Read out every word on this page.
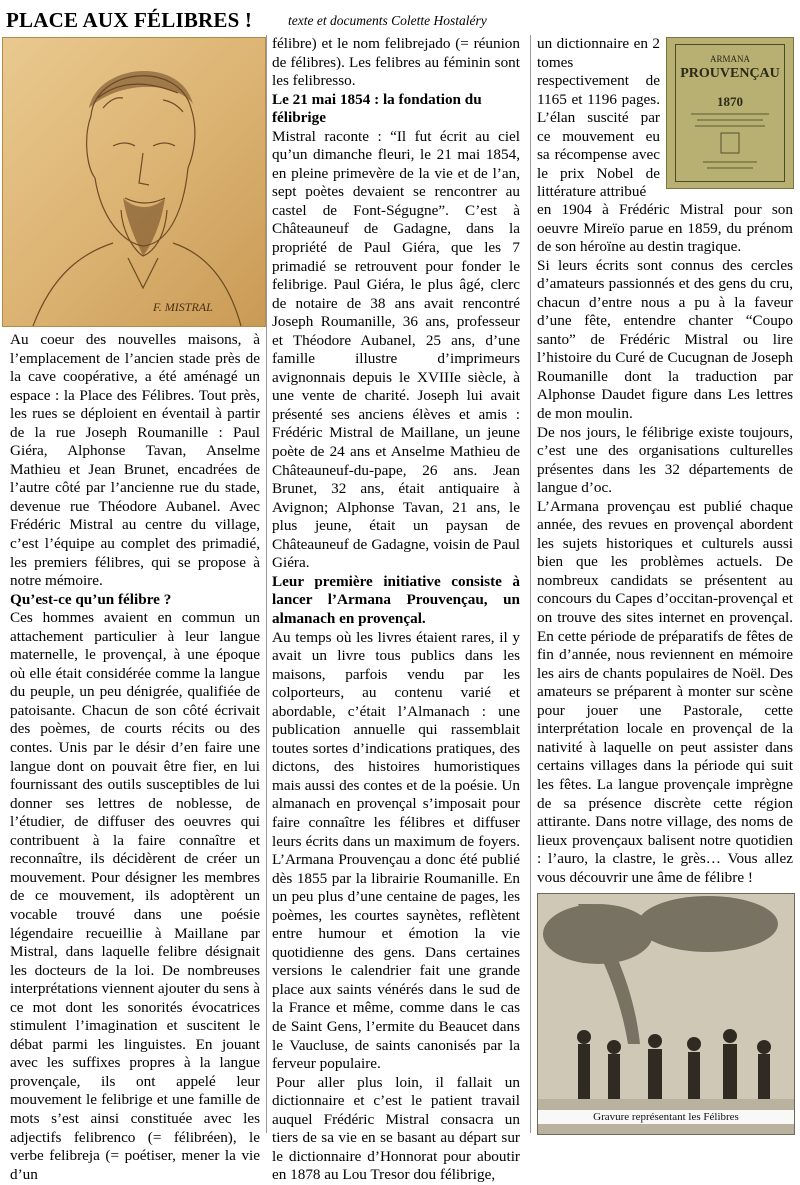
PLACE AUX FÉLIBRES !	texte et documents Colette Hostaléry
F. MISTRAL
ARMANA
PROUVENÇAU
1870
Gravure représentant les Félibres

Au coeur des nouvelles maisons, à l’emplacement de l’ancien stade près de la cave coopérative, a été aménagé un espace : la Place des Félibres. Tout près, les rues se déploient en éventail à partir de la rue Joseph Roumanille : Paul Giéra, Alphonse Tavan, Anselme Mathieu et Jean Brunet, encadrées de l’autre côté par l’ancienne rue du stade, devenue rue Théodore Aubanel. Avec Frédéric Mistral au centre du village, c’est l’équipe au complet des primadié, les premiers félibres, qui se propose à notre mémoire.

Qu’est-ce qu’un félibre ?

Ces hommes avaient en commun un attachement particulier à leur langue maternelle, le provençal, à une époque où elle était considérée comme la langue du peuple, un peu dénigrée, qualifiée de patoisante. Chacun de son côté écrivait des poèmes, de courts récits ou des contes. Unis par le désir d’en faire une langue dont on pouvait être fier, en lui fournissant des outils susceptibles de lui donner ses lettres de noblesse, de l’étudier, de diffuser des oeuvres qui contribuent à la faire connaître et reconnaître, ils décidèrent de créer un mouvement. Pour désigner les membres de ce mouvement, ils adoptèrent un vocable trouvé dans une poésie légendaire recueillie à Maillane par Mistral, dans laquelle felibre désignait les docteurs de la loi. De nombreuses interprétations viennent ajouter du sens à ce mot dont les sonorités évocatrices stimulent l’imagination et suscitent le débat parmi les linguistes. En jouant avec les suffixes propres à la langue provençale, ils ont appelé leur mouvement le felibrige et une famille de mots s’est ainsi constituée avec les adjectifs felibrenco (= félibréen), le verbe felibreja (= poétiser, mener la vie d’un

félibre) et le nom felibrejado (= réunion de félibres). Les felibres au féminin sont les felibresso.

Le 21 mai 1854 : la fondation du félibrige

Mistral raconte : “Il fut écrit au ciel qu’un dimanche fleuri, le 21 mai 1854, en pleine primevère de la vie et de l’an, sept poètes devaient se rencontrer au castel de Font-Ségugne”. C’est à Châteauneuf de Gadagne, dans la propriété de Paul Giéra, que les 7 primadié se retrouvent pour fonder le felibrige. Paul Giéra, le plus âgé, clerc de notaire de 38 ans avait rencontré Joseph Roumanille, 36 ans, professeur et Théodore Aubanel, 25 ans, d’une famille illustre d’imprimeurs avignonnais depuis le XVIIIe siècle, à une vente de charité. Joseph lui avait présenté ses anciens élèves et amis : Frédéric Mistral de Maillane, un jeune poète de 24 ans et Anselme Mathieu de Châteauneuf-du-pape, 26 ans. Jean Brunet, 32 ans, était antiquaire à Avignon; Alphonse Tavan, 21 ans, le plus jeune, était un paysan de Châteauneuf de Gadagne, voisin de Paul Giéra.

Leur première initiative consiste à lancer l’Armana Prouvençau, un almanach en provençal.

Au temps où les livres étaient rares, il y avait un livre tous publics dans les maisons, parfois vendu par les colporteurs, au contenu varié et abordable, c’était l’Almanach : une publication annuelle qui rassemblait toutes sortes d’indications pratiques, des dictons, des histoires humoristiques mais aussi des contes et de la poésie. Un almanach en provençal s’imposait pour faire connaître les félibres et diffuser leurs écrits dans un maximum de foyers. L’Armana Prouvençau a donc été publié dès 1855 par la librairie Roumanille. En un peu plus d’une centaine de pages, les poèmes, les courtes saynètes, reflètent entre humour et émotion la vie quotidienne des gens. Dans certaines versions le calendrier fait une grande place aux saints vénérés dans le sud de la France et même, comme dans le cas de Saint Gens, l’ermite du Beaucet dans le Vaucluse, de saints canonisés par la ferveur populaire.

Pour aller plus loin, il fallait un dictionnaire et c’est le patient travail auquel Frédéric Mistral consacra un tiers de sa vie en se basant au départ sur le dictionnaire d’Honnorat pour aboutir en 1878 au Lou Tresor dou félibrige,

un dictionnaire en 2 tomes respectivement de 1165 et 1196 pages. L’élan suscité par ce mouvement eu sa récompense avec le prix Nobel de littérature attribué

en 1904 à Frédéric Mistral pour son oeuvre Mireïo parue en 1859, du prénom de son héroïne au destin tragique.

Si leurs écrits sont connus des cercles d’amateurs passionnés et des gens du cru, chacun d’entre nous a pu à la faveur d’une fête, entendre chanter “Coupo santo” de Frédéric Mistral ou lire l’histoire du Curé de Cucugnan de Joseph Roumanille dont la traduction par Alphonse Daudet figure dans Les lettres de mon moulin.

De nos jours, le félibrige existe toujours, c’est une des organisations culturelles présentes dans les 32 départements de langue d’oc.

L’Armana provençau est publié chaque année, des revues en provençal abordent les sujets historiques et culturels aussi bien que les problèmes actuels. De nombreux candidats se présentent au concours du Capes d’occitan-provençal et on trouve des sites internet en provençal. En cette période de préparatifs de fêtes de fin d’année, nous reviennent en mémoire les airs de chants populaires de Noël. Des amateurs se préparent à monter sur scène pour jouer une Pastorale, cette interprétation locale en provençal de la nativité à laquelle on peut assister dans certains villages dans la période qui suit les fêtes. La langue provençale imprègne de sa présence discrète cette région attirante. Dans notre village, des noms de lieux provençaux balisent notre quotidien : l’auro, la clastre, le grès… Vous allez vous découvrir une âme de félibre !
